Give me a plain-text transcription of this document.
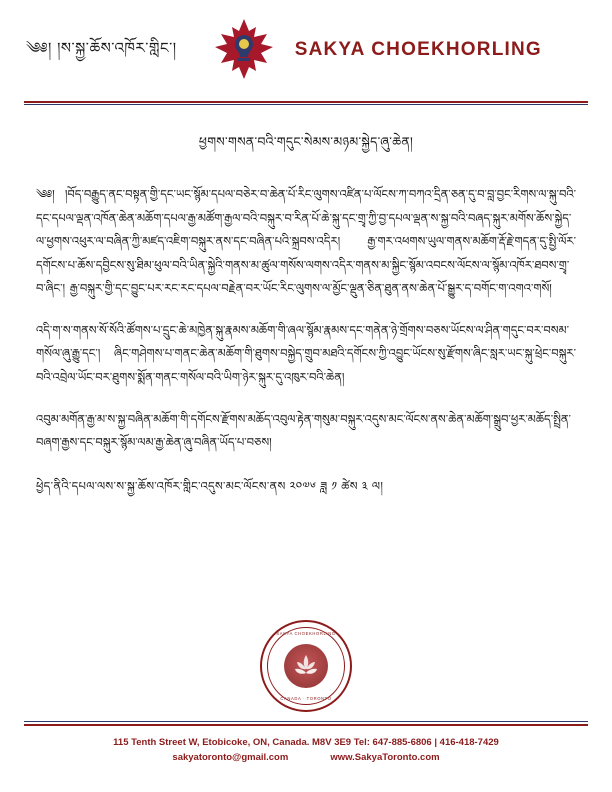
༄༅། །ས་སྐྱ་ཆོས་འཁོར་གླིང་།	SAKYA CHOEKHORLING
ཕྱགས་གསན་བའི་གདུང་སེམས་མཉམ་སྐྱེད་ཞུ་ཆེན།
༄༅། །བོད་བརྒྱུད་ནང་བསྟན་གྱི་དང་ཡང་སྙོམ་དཔལ་བཅེར་བ་ཆེན་པོ་རིང་ལུགས་འཛིན་པ་ལོངས་ཀ་བཀའ་དྲིན་ཅན་དུ་བ་བླ་བྱང་རིགས་ལ་སྐུ་བའི་དང་དཔལ་ལྡན་འཁོན་ཆེན་མཆོག་དཔལ་རྒྱ་མཚོག་རྒྱལ་བའི་བསྐུར་བ་རིན་པོ་ཆེ་སྐུ་དང་གྲྭ་ཀྱི་བྱ་དཔལ་ལྡན་ས་སྐྱ་བའི་བཞད་སྐུར་མགོས་ཆོས་སྐྱེད་ལ་ཕྱགས་འཕུར་ལ་བཞིན་ཀྱི་མཛད་འཇིག་བསྐུར་ནས་དང་བཞིན་པའི་སྐྲབས་འདིར། རྒྱ་གར་འཕགས་ཡུལ་གནས་མཆོག་རྡོ་རྗེ་གདན་དུ་སྤྱི་ལོར་དགོངས་པ་ཆོས་དབྱིངས་སུ་ཐིམ་ཕུལ་བའི་ཡིན་སྐྱེའི་གནས་མ་ཚུལ་གསོས་ལགས་འདིར་གནས་མ་སྐྱིང་སྙོམ་འབངས་ལོངས་ལ་སྙོམ་འཁོར་ཐབས་གྲྭ་བ་ཞིང་། རྒྱ་བསྐུར་གྱི་དང་བྱུང་པར་རང་རང་དཔལ་བརྗེན་བར་ཡོང་རིང་ལུགས་ལ་མྱོང་ལྡུན་ཅིན་ཐུན་ནས་ཆེན་པོ་སྒྱུར་ད་བགོང་ག་འགའ་གསོ།
འདི་ག་ས་གནས་སོ་སོའི་ཚོགས་པ་དྲུང་ཆེ་མཁྱེན་སྐུ་རྣམས་མཆོག་གི་ཞལ་སྙོམ་རྣམས་དང་གནེན་ཉེ་གྲོགས་བཅས་ཡོངས་ལ་ཤིན་གདུང་བར་བསམ་གསོལ་ཞུ་རྒྱུ་དང་། ཞིང་གཤེགས་པ་གནང་ཆེན་མཆོག་གི་ཐུགས་བསྐྱེད་གྲུབ་མཐའི་དགོངས་ཀྱི་འབྱུང་ཡོངས་སུ་རྫོགས་ཞིང་སླར་ཡང་སྐུ་ཕྲེང་བསྐུར་བའི་འབྲེལ་ཡོང་བར་ཐུགས་སྨོན་གནང་གསོལ་བའི་ཡིག་ཉེར་སྐུར་དུ་འཁུར་བའི་ཆེན།
འབུམ་མགོན་རྒྱ་མ་ས་སྐྱ་བཞིན་མཆོག་གི་དགོངས་རྫོགས་མཆོད་འབུལ་རྟེན་གསུམ་བསྐུར་འདུས་མང་ལོངས་ནས་ཆེན་མཆོག་སྒྲུབ་ཕྱར་མཆོད་སྤྲིན་བཞག་རྒྱས་དང་བསྐུར་སྙོམ་ལམ་རྒྱ་ཆེན་ཞུ་བཞིན་ཡོད་པ་བཅས།
ཕྱེད་ནིའི་དཔལ་ལས་ས་སྐྱ་ཆོས་འཁོར་གླིང་འདུས་མང་ལོངས་ནས ༢༠༧༦ ཟླ ༡ ཚེས ༣ ལ།
SAKYA CHOEKHORLING
CANADA · TORONTO
115 Tenth Street W, Etobicoke, ON, Canada. M8V 3E9 Tel: 647-885-6806 | 416-418-7429
sakyatoronto@gmail.com	www.SakyaToronto.com
